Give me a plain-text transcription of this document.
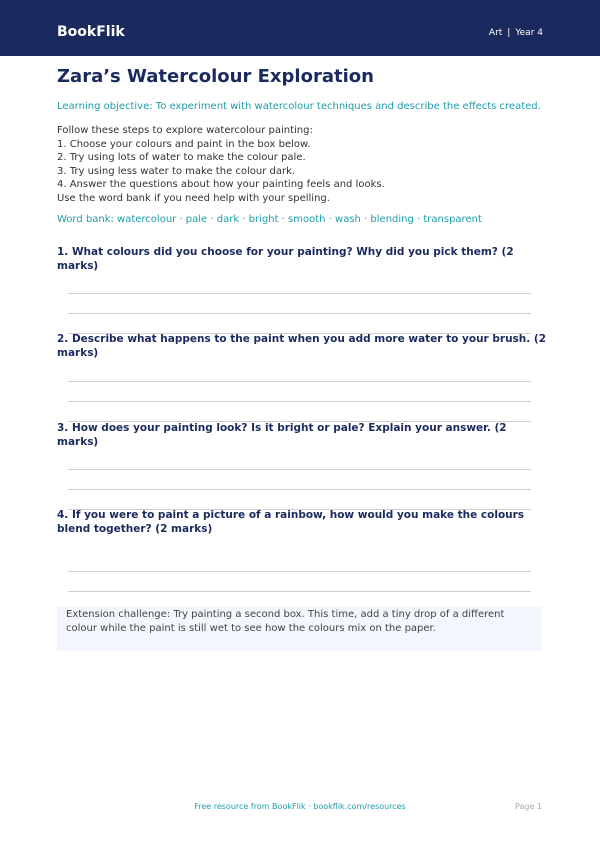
BookFlik	Art | Year 4
Zara’s Watercolour Exploration
Learning objective: To experiment with watercolour techniques and describe the effects created.
Follow these steps to explore watercolour painting:
1. Choose your colours and paint in the box below.
2. Try using lots of water to make the colour pale.
3. Try using less water to make the colour dark.
4. Answer the questions about how your painting feels and looks.
Use the word bank if you need help with your spelling.
Word bank: watercolour · pale · dark · bright · smooth · wash · blending · transparent
1. What colours did you choose for your painting? Why did you pick them? (2 marks)
2. Describe what happens to the paint when you add more water to your brush. (2 marks)
3. How does your painting look? Is it bright or pale? Explain your answer. (2 marks)
4. If you were to paint a picture of a rainbow, how would you make the colours blend together? (2 marks)
Extension challenge: Try painting a second box. This time, add a tiny drop of a different colour while the paint is still wet to see how the colours mix on the paper.
Free resource from BookFlik · bookflik.com/resources	Page 1
